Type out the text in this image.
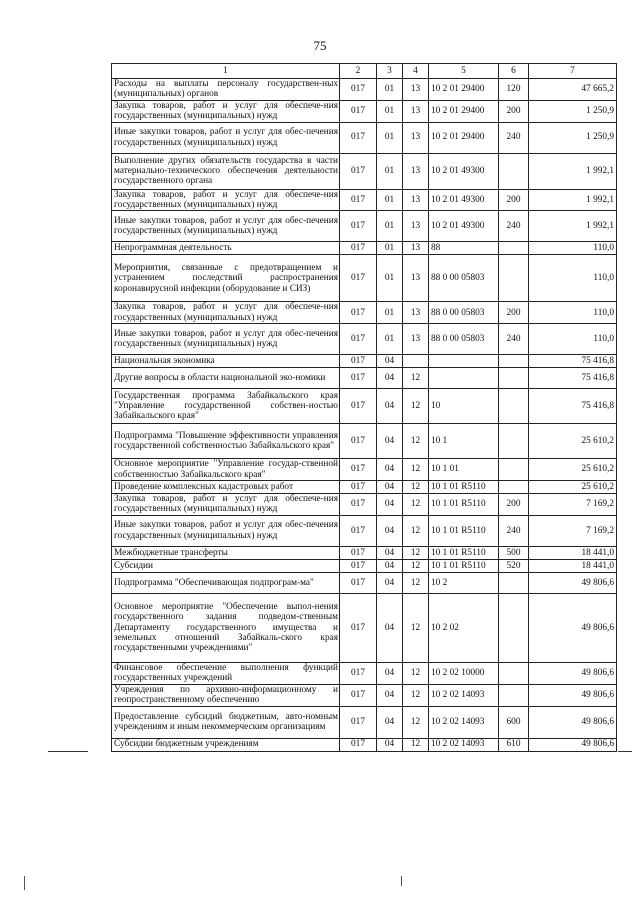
75
1	2	3	4	5	6	7
Расходы на выплаты персоналу государствен-ных (муниципальных) органов	017	01	13	10 2 01 29400	120	47 665,2
Закупка товаров, работ и услуг для обеспече-ния государственных (муниципальных) нужд	017	01	13	10 2 01 29400	200	1 250,9
Иные закупки товаров, работ и услуг для обес-печения государственных (муниципальных) нужд	017	01	13	10 2 01 29400	240	1 250,9
Выполнение других обязательств государства в части материально-технического обеспечения деятельности государственного органа	017	01	13	10 2 01 49300		1 992,1
Закупка товаров, работ и услуг для обеспече-ния государственных (муниципальных) нужд	017	01	13	10 2 01 49300	200	1 992,1
Иные закупки товаров, работ и услуг для обес-печения государственных (муниципальных) нужд	017	01	13	10 2 01 49300	240	1 992,1
Непрограммная деятельность	017	01	13	88		110,0
Мероприятия, связанные с предотвращением и устранением последствий распространения коронавирусной инфекции (оборудование и СИЗ)	017	01	13	88 0 00 05803		110,0
Закупка товаров, работ и услуг для обеспече-ния государственных (муниципальных) нужд	017	01	13	88 0 00 05803	200	110,0
Иные закупки товаров, работ и услуг для обес-печения государственных (муниципальных) нужд	017	01	13	88 0 00 05803	240	110,0
Национальная экономика	017	04				75 416,8
Другие вопросы в области национальной эко-номики	017	04	12			75 416,8
Государственная программа Забайкальского края "Управление государственной собствен-ностью Забайкальского края"	017	04	12	10		75 416,8
Подпрограмма "Повышение эффективности управления государственной собственностью Забайкальского края"	017	04	12	10 1		25 610,2
Основное мероприятие "Управление государ-ственной собственностью Забайкальского края"	017	04	12	10 1 01		25 610,2
Проведение комплексных кадастровых работ	017	04	12	10 1 01 R5110		25 610,2
Закупка товаров, работ и услуг для обеспече-ния государственных (муниципальных) нужд	017	04	12	10 1 01 R5110	200	7 169,2
Иные закупки товаров, работ и услуг для обес-печения государственных (муниципальных) нужд	017	04	12	10 1 01 R5110	240	7 169,2
Межбюджетные трансферты	017	04	12	10 1 01 R5110	500	18 441,0
Субсидии	017	04	12	10 1 01 R5110	520	18 441,0
Подпрограмма "Обеспечивающая подпрограм-ма"	017	04	12	10 2		49 806,6
Основное мероприятие "Обеспечение выпол-нения государственного задания подведом-ственным Департаменту государственного имущества и земельных отношений Забайкаль-ского края государственными учреждениями"	017	04	12	10 2 02		49 806,6
Финансовое обеспечение выполнения функций государственных учреждений	017	04	12	10 2 02 10000		49 806,6
Учреждения по архивно-информационному и геопространственному обеспечению	017	04	12	10 2 02 14093		49 806,6
Предоставление субсидий бюджетным, авто-номным учреждениям и иным некоммерческим организациям	017	04	12	10 2 02 14093	600	49 806,6
Субсидии бюджетным учреждениям	017	04	12	10 2 02 14093	610	49 806,6
